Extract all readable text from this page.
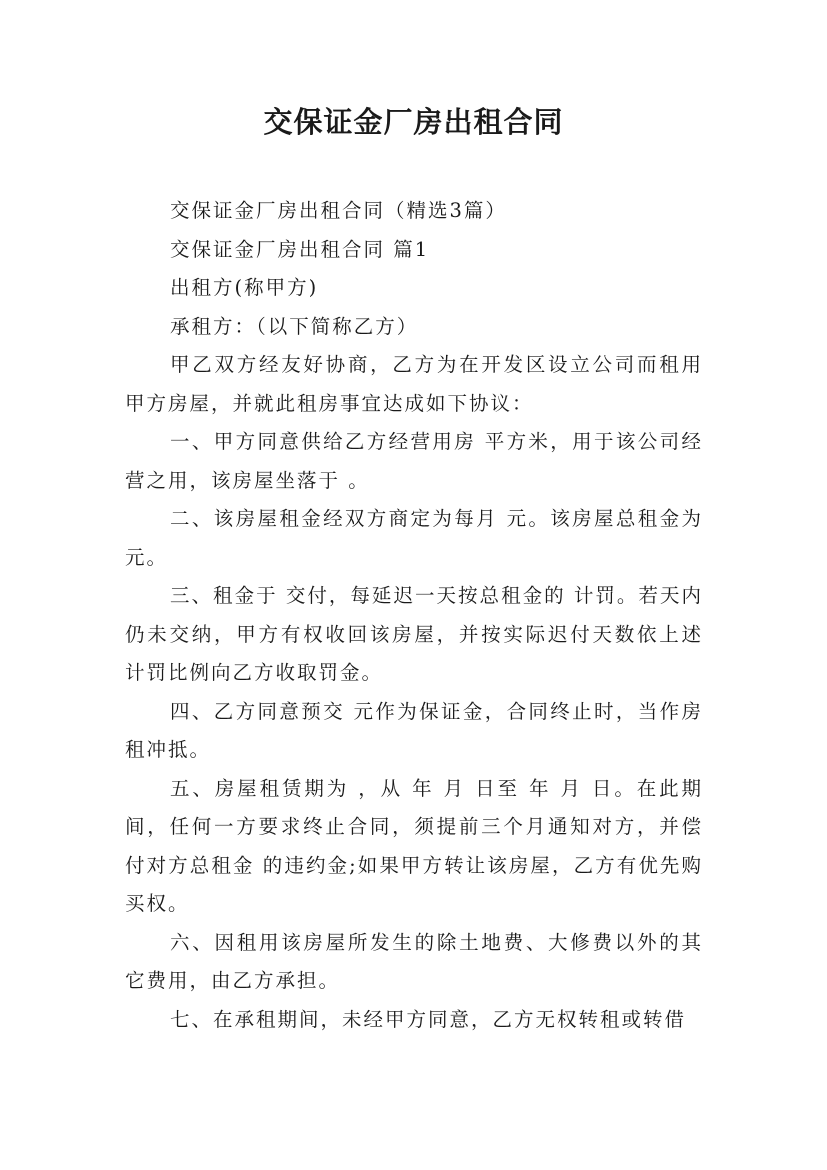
交保证金厂房出租合同

交保证金厂房出租合同（精选3篇）

交保证金厂房出租合同 篇1

出租方(称甲方)

承租方：（以下简称乙方）

甲乙双方经友好协商，乙方为在开发区设立公司而租用甲方房屋，并就此租房事宜达成如下协议：

一、甲方同意供给乙方经营用房 平方米，用于该公司经营之用，该房屋坐落于 。

二、该房屋租金经双方商定为每月 元。该房屋总租金为 元。

三、租金于 交付，每延迟一天按总租金的 计罚。若天内仍未交纳，甲方有权收回该房屋，并按实际迟付天数依上述计罚比例向乙方收取罚金。

四、乙方同意预交 元作为保证金，合同终止时，当作房租冲抵。

五、房屋租赁期为 ，从 年 月 日至 年 月 日。在此期间，任何一方要求终止合同，须提前三个月通知对方，并偿付对方总租金 的违约金;如果甲方转让该房屋，乙方有优先购买权。

六、因租用该房屋所发生的除土地费、大修费以外的其它费用，由乙方承担。

七、在承租期间，未经甲方同意，乙方无权转租或转借
